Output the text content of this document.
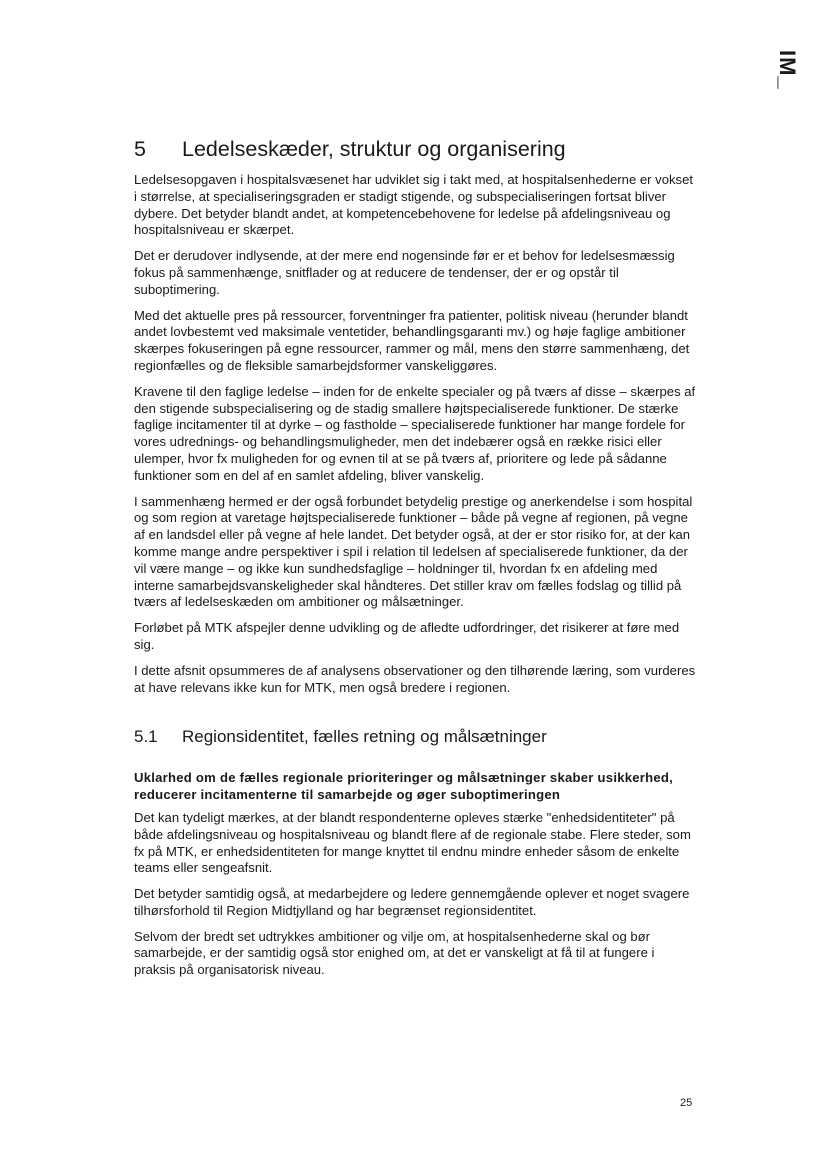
IM_
5	Ledelseskæder, struktur og organisering

Ledelsesopgaven i hospitalsvæsenet har udviklet sig i takt med, at hospitalsenhederne er vokset i størrelse, at specialiseringsgraden er stadigt stigende, og subspecialiseringen fortsat bliver dybere. Det betyder blandt andet, at kompetencebehovene for ledelse på afdelingsniveau og hospitalsniveau er skærpet.

Det er derudover indlysende, at der mere end nogensinde før er et behov for ledelsesmæssig fokus på sammenhænge, snitflader og at reducere de tendenser, der er og opstår til suboptimering.

Med det aktuelle pres på ressourcer, forventninger fra patienter, politisk niveau (herunder blandt andet lovbestemt ved maksimale ventetider, behandlingsgaranti mv.) og høje faglige ambitioner skærpes fokuseringen på egne ressourcer, rammer og mål, mens den større sammenhæng, det regionfælles og de fleksible samarbejdsformer vanskeliggøres.

Kravene til den faglige ledelse – inden for de enkelte specialer og på tværs af disse – skærpes af den stigende subspecialisering og de stadig smallere højtspecialiserede funktioner. De stærke faglige incitamenter til at dyrke – og fastholde – specialiserede funktioner har mange fordele for vores udrednings- og behandlingsmuligheder, men det indebærer også en række risici eller ulemper, hvor fx muligheden for og evnen til at se på tværs af, prioritere og lede på sådanne funktioner som en del af en samlet afdeling, bliver vanskelig.

I sammenhæng hermed er der også forbundet betydelig prestige og anerkendelse i som hospital og som region at varetage højtspecialiserede funktioner – både på vegne af regionen, på vegne af en landsdel eller på vegne af hele landet. Det betyder også, at der er stor risiko for, at der kan komme mange andre perspektiver i spil i relation til ledelsen af specialiserede funktioner, da der vil være mange – og ikke kun sundhedsfaglige – holdninger til, hvordan fx en afdeling med interne samarbejdsvanskeligheder skal håndteres. Det stiller krav om fælles fodslag og tillid på tværs af ledelseskæden om ambitioner og målsætninger.

Forløbet på MTK afspejler denne udvikling og de afledte udfordringer, det risikerer at føre med sig.

I dette afsnit opsummeres de af analysens observationer og den tilhørende læring, som vurderes at have relevans ikke kun for MTK, men også bredere i regionen.

5.1	Regionsidentitet, fælles retning og målsætninger
Uklarhed om de fælles regionale prioriteringer og målsætninger skaber usikkerhed, reducerer incitamenterne til samarbejde og øger suboptimeringen

Det kan tydeligt mærkes, at der blandt respondenterne opleves stærke "enhedsidentiteter" på både afdelingsniveau og hospitalsniveau og blandt flere af de regionale stabe. Flere steder, som fx på MTK, er enhedsidentiteten for mange knyttet til endnu mindre enheder såsom de enkelte teams eller sengeafsnit.

Det betyder samtidig også, at medarbejdere og ledere gennemgående oplever et noget svagere tilhørsforhold til Region Midtjylland og har begrænset regionsidentitet.

Selvom der bredt set udtrykkes ambitioner og vilje om, at hospitalsenhederne skal og bør samarbejde, er der samtidig også stor enighed om, at det er vanskeligt at få til at fungere i praksis på organisatorisk niveau.

25
